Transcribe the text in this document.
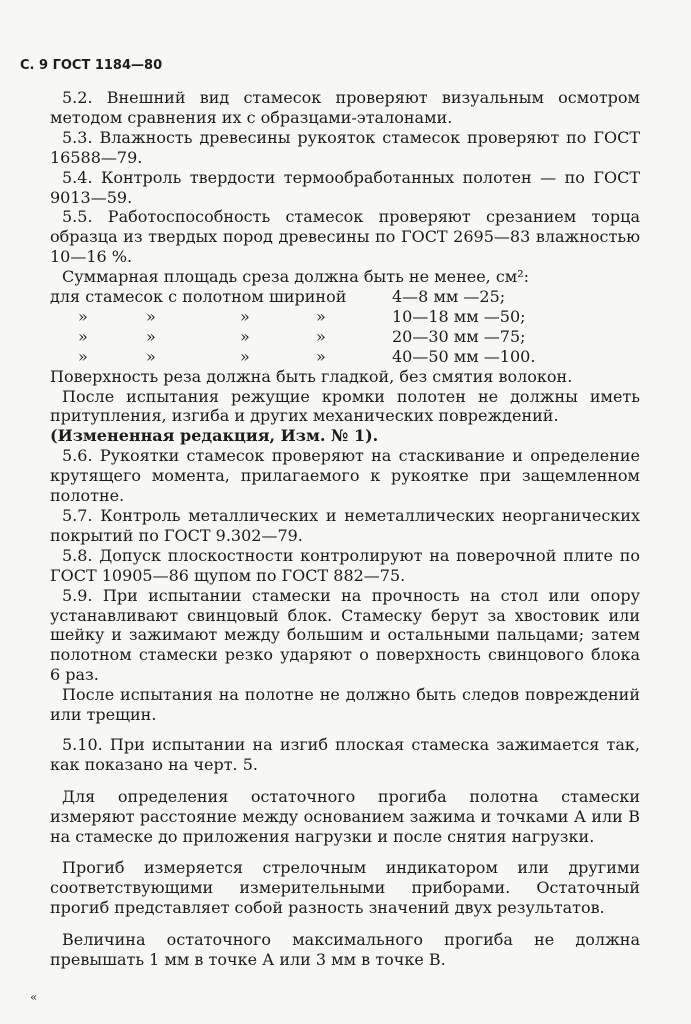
С. 9 ГОСТ 1184—80

5.2. Внешний вид стамесок проверяют визуальным осмотром методом сравнения их с образцами-эталонами.

5.3. Влажность древесины рукояток стамесок проверяют по ГОСТ 16588—79.

5.4. Контроль твердости термообработанных полотен — по ГОСТ 9013—59.

5.5. Работоспособность стамесок проверяют срезанием торца образца из твердых пород древесины по ГОСТ 2695—83 влажностью 10—16 %.

Суммарная площадь среза должна быть не менее, см²:

для стамесок с полотном шириной	4—8 мм —25;
»	»	»	»	10—18 мм —50;
»	»	»	»	20—30 мм —75;
»	»	»	»	40—50 мм —100.

Поверхность реза должна быть гладкой, без смятия волокон.

После испытания режущие кромки полотен не должны иметь притупления, изгиба и других механических повреждений.

(Измененная редакция, Изм. № 1).

5.6. Рукоятки стамесок проверяют на стаскивание и определение крутящего момента, прилагаемого к рукоятке при защемленном полотне.

5.7. Контроль металлических и неметаллических неорганических покрытий по ГОСТ 9.302—79.

5.8. Допуск плоскостности контролируют на поверочной плите по ГОСТ 10905—86 щупом по ГОСТ 882—75.

5.9. При испытании стамески на прочность на стол или опору устанавливают свинцовый блок. Стамеску берут за хвостовик или шейку и зажимают между большим и остальными пальцами; затем полотном стамески резко ударяют о поверхность свинцового блока 6 раз.

После испытания на полотне не должно быть следов повреждений или трещин.

5.10. При испытании на изгиб плоская стамеска зажимается так, как показано на черт. 5.

Для определения остаточного прогиба полотна стамески измеряют расстояние между основанием зажима и точками А или В на стамеске до приложения нагрузки и после снятия нагрузки.

Прогиб измеряется стрелочным индикатором или другими соответствующими измерительными приборами. Остаточный прогиб представляет собой разность значений двух результатов.

Величина остаточного максимального прогиба не должна превышать 1 мм в точке А или 3 мм в точке В.

«
